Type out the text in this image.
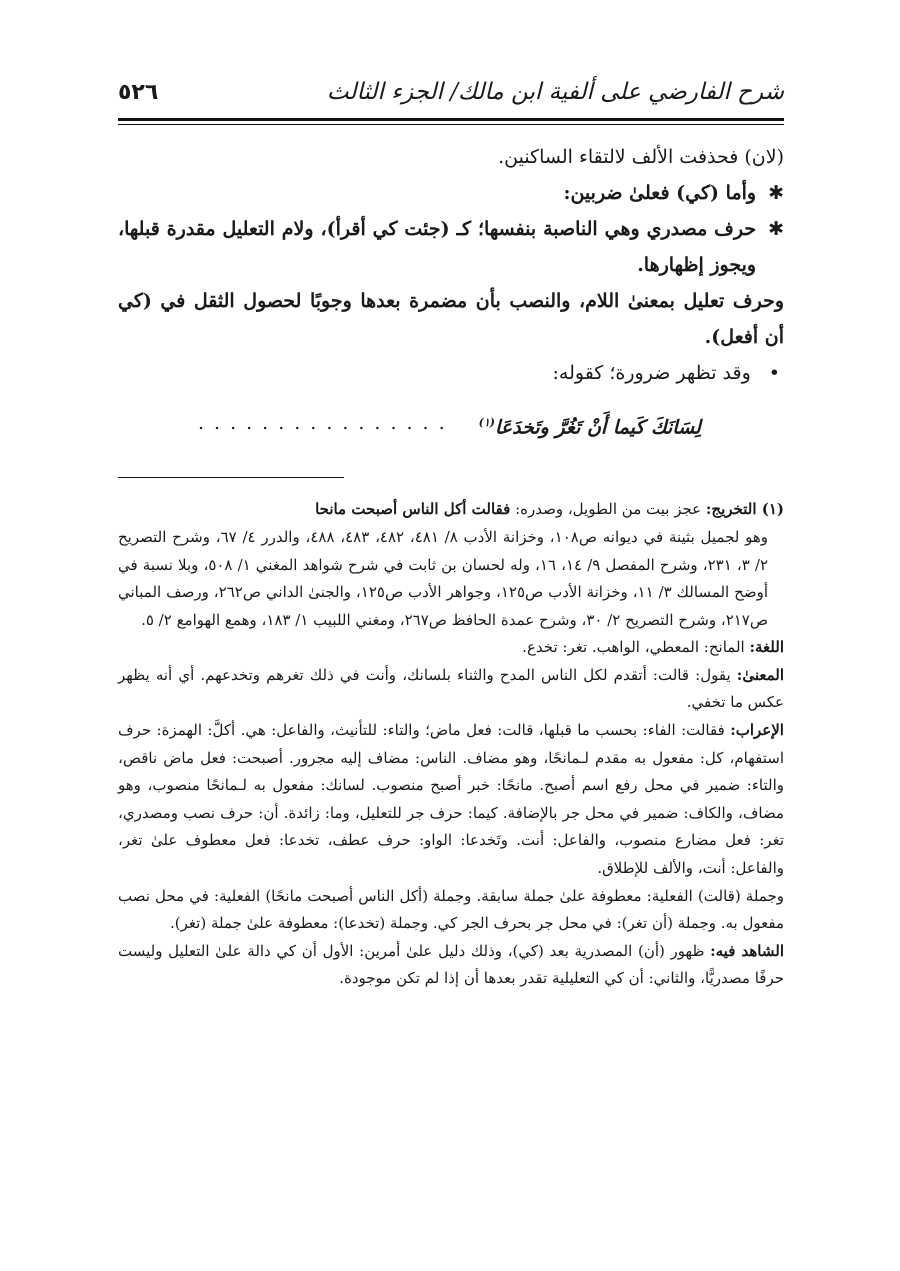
شرح الفارضي على ألفية ابن مالك/ الجزء الثالث
٥٢٦

(لان) فحذفت الألف لالتقاء الساكنين.

✱
وأما (كي) فعلىٰ ضربين:
✱
حرف مصدري وهي الناصبة بنفسها؛ كـ (جئت كي أقرأ)، ولام التعليل مقدرة قبلها، ويجوز إظهارها.

وحرف تعليل بمعنىٰ اللام، والنصب بأن مضمرة بعدها وجوبًا لحصول الثقل في (كي أن أفعل).

•
وقد تظهر ضرورة؛ كقوله:
لِسَانَكَ كَيما أَنْ تَغُرَّ وتَخدَعَا$^{(١)}$
................

(١) التخريج: عجز بيت من الطويل، وصدره: فقالت أكل الناس أصبحت مانحا

وهو لجميل بثينة في ديوانه ص١٠٨، وخزانة الأدب ٨/ ٤٨١، ٤٨٢، ٤٨٣، ٤٨٨، والدرر ٤/ ٦٧، وشرح التصريح ٢/ ٣، ٢٣١، وشرح المفصل ٩/ ١٤، ١٦، وله لحسان بن ثابت في شرح شواهد المغني ١/ ٥٠٨، وبلا نسبة في أوضح المسالك ٣/ ١١، وخزانة الأدب ص١٢٥، وجواهر الأدب ص١٢٥، والجنىٰ الداني ص٢٦٢، ورصف المباني ص٢١٧، وشرح التصريح ٢/ ٣٠، وشرح عمدة الحافظ ص٢٦٧، ومغني اللبيب ١/ ١٨٣، وهمع الهوامع ٢/ ٥.

اللغة: المانح: المعطي، الواهب. تغر: تخدع.

المعنىٰ: يقول: قالت: أتقدم لكل الناس المدح والثناء بلسانك، وأنت في ذلك تغرهم وتخدعهم. أي أنه يظهر عكس ما تخفي.

الإعراب: فقالت: الفاء: بحسب ما قبلها، قالت: فعل ماض؛ والتاء: للتأنيث، والفاعل: هي. أكلَّ: الهمزة: حرف استفهام، كل: مفعول به مقدم لـمانحًا، وهو مضاف. الناس: مضاف إليه مجرور. أصبحت: فعل ماض ناقص، والتاء: ضمير في محل رفع اسم أصبح. مانحًا: خبر أصبح منصوب. لسانك: مفعول به لـمانحًا منصوب، وهو مضاف، والكاف: ضمير في محل جر بالإضافة. كيما: حرف جر للتعليل، وما: زائدة. أن: حرف نصب ومصدري، تغر: فعل مضارع منصوب، والفاعل: أنت. وتَخدعا: الواو: حرف عطف، تخدعا: فعل معطوف علىٰ تغر، والفاعل: أنت، والألف للإطلاق.

وجملة (قالت) الفعلية: معطوفة علىٰ جملة سابقة. وجملة (أكل الناس أصبحت مانحًا) الفعلية: في محل نصب مفعول به. وجملة (أن تغر): في محل جر بحرف الجر كي. وجملة (تخدعا): معطوفة علىٰ جملة (تغر).

الشاهد فيه: ظهور (أن) المصدرية بعد (كي)، وذلك دليل علىٰ أمرين: الأول أن كي دالة علىٰ التعليل وليست حرفًا مصدريًّا، والثاني: أن كي التعليلية تقدر بعدها أن إذا لم تكن موجودة.
